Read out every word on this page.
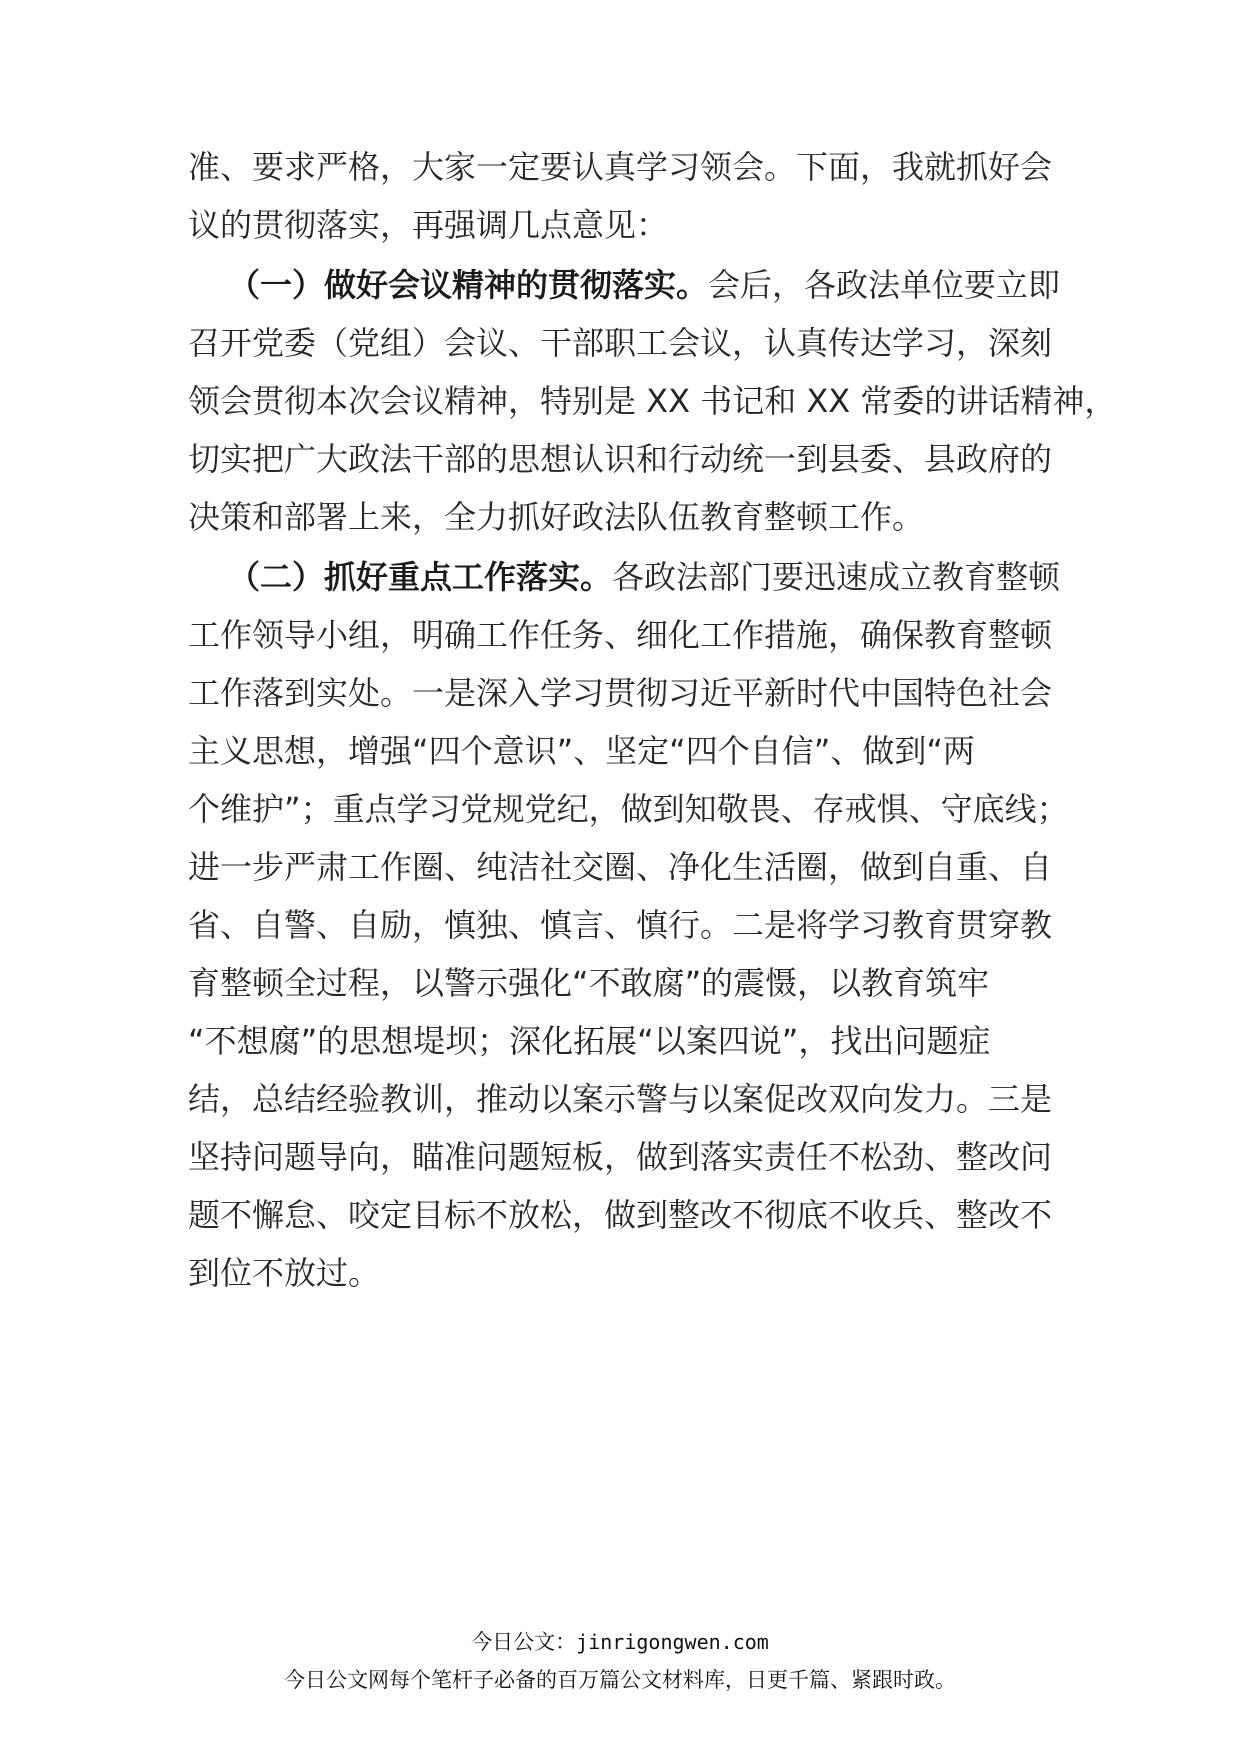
准、要求严格，大家一定要认真学习领会。下面，我就抓好会

议的贯彻落实，再强调几点意见：

（一）做好会议精神的贯彻落实。会后，各政法单位要立即

召开党委（党组）会议、干部职工会议，认真传达学习，深刻

领会贯彻本次会议精神，特别是 XX 书记和 XX 常委的讲话精神，

切实把广大政法干部的思想认识和行动统一到县委、县政府的

决策和部署上来，全力抓好政法队伍教育整顿工作。

（二）抓好重点工作落实。各政法部门要迅速成立教育整顿

工作领导小组，明确工作任务、细化工作措施，确保教育整顿

工作落到实处。一是深入学习贯彻习近平新时代中国特色社会

主义思想，增强“四个意识”、坚定“四个自信”、做到“两

个维护”；重点学习党规党纪，做到知敬畏、存戒惧、守底线；

进一步严肃工作圈、纯洁社交圈、净化生活圈，做到自重、自

省、自警、自励，慎独、慎言、慎行。二是将学习教育贯穿教

育整顿全过程，以警示强化“不敢腐”的震慑，以教育筑牢

“不想腐”的思想堤坝；深化拓展“以案四说”，找出问题症

结，总结经验教训，推动以案示警与以案促改双向发力。三是

坚持问题导向，瞄准问题短板，做到落实责任不松劲、整改问

题不懈怠、咬定目标不放松，做到整改不彻底不收兵、整改不

到位不放过。

今日公文：jinrigongwen.com

今日公文网每个笔杆子必备的百万篇公文材料库，日更千篇、紧跟时政。
